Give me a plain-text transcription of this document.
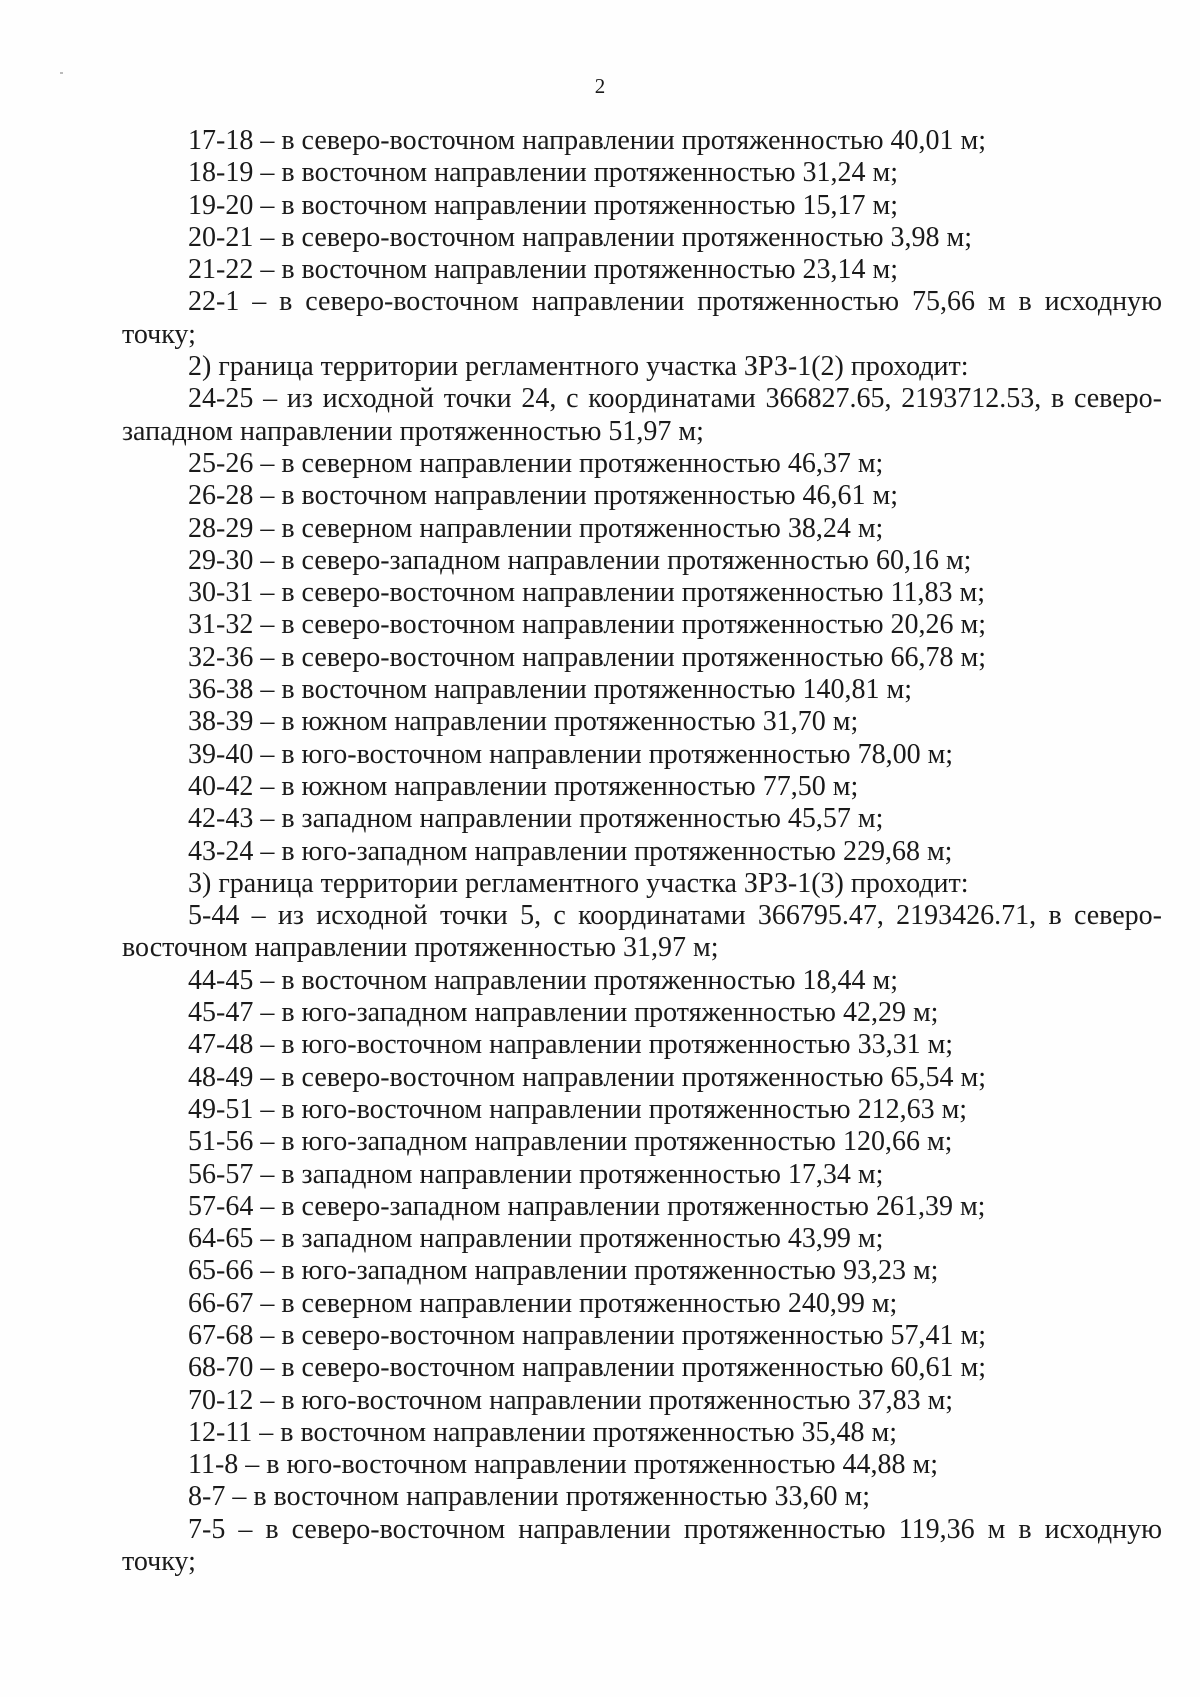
2
17-18 – в северо-восточном направлении протяженностью 40,01 м;
18-19 – в восточном направлении протяженностью 31,24 м;
19-20 – в восточном направлении протяженностью 15,17 м;
20-21 – в северо-восточном направлении протяженностью 3,98 м;
21-22 – в восточном направлении протяженностью 23,14 м;
22-1 – в северо-восточном направлении протяженностью 75,66 м в исходную точку;
2) граница территории регламентного участка ЗРЗ-1(2) проходит:
24-25 – из исходной точки 24, с координатами 366827.65, 2193712.53, в северо-западном направлении протяженностью 51,97 м;
25-26 – в северном направлении протяженностью 46,37 м;
26-28 – в восточном направлении протяженностью 46,61 м;
28-29 – в северном направлении протяженностью 38,24 м;
29-30 – в северо-западном направлении протяженностью 60,16 м;
30-31 – в северо-восточном направлении протяженностью 11,83 м;
31-32 – в северо-восточном направлении протяженностью 20,26 м;
32-36 – в северо-восточном направлении протяженностью 66,78 м;
36-38 – в восточном направлении протяженностью 140,81 м;
38-39 – в южном направлении протяженностью 31,70 м;
39-40 – в юго-восточном направлении протяженностью 78,00 м;
40-42 – в южном направлении протяженностью 77,50 м;
42-43 – в западном направлении протяженностью 45,57 м;
43-24 – в юго-западном направлении протяженностью 229,68 м;
3) граница территории регламентного участка ЗРЗ-1(3) проходит:
5-44 – из исходной точки 5, с координатами 366795.47, 2193426.71, в северо-восточном направлении протяженностью 31,97 м;
44-45 – в восточном направлении протяженностью 18,44 м;
45-47 – в юго-западном направлении протяженностью 42,29 м;
47-48 – в юго-восточном направлении протяженностью 33,31 м;
48-49 – в северо-восточном направлении протяженностью 65,54 м;
49-51 – в юго-восточном направлении протяженностью 212,63 м;
51-56 – в юго-западном направлении протяженностью 120,66 м;
56-57 – в западном направлении протяженностью 17,34 м;
57-64 – в северо-западном направлении протяженностью 261,39 м;
64-65 – в западном направлении протяженностью 43,99 м;
65-66 – в юго-западном направлении протяженностью 93,23 м;
66-67 – в северном направлении протяженностью 240,99 м;
67-68 – в северо-восточном направлении протяженностью 57,41 м;
68-70 – в северо-восточном направлении протяженностью 60,61 м;
70-12 – в юго-восточном направлении протяженностью 37,83 м;
12-11 – в восточном направлении протяженностью 35,48 м;
11-8 – в юго-восточном направлении протяженностью 44,88 м;
8-7 – в восточном направлении протяженностью 33,60 м;
7-5 – в северо-восточном направлении протяженностью 119,36 м в исходную точку;
